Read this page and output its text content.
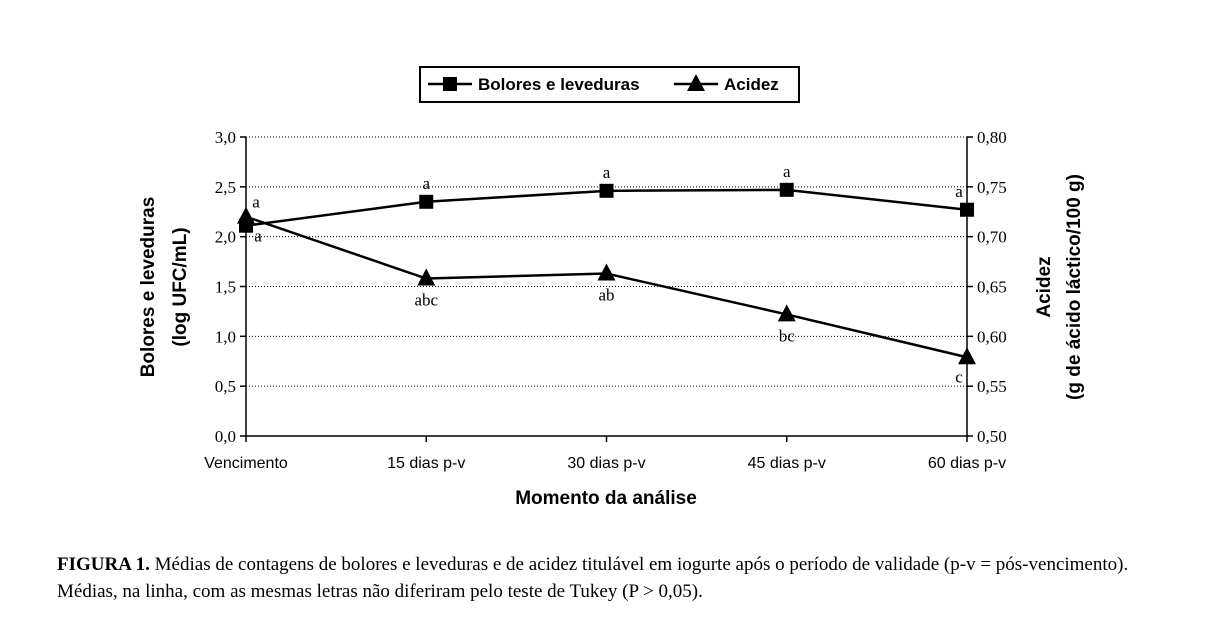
Bolores e leveduras	Acidez
0,0
0,5
1,0
1,5
2,0
2,5
3,0
0,50
0,55
0,60
0,65
0,70
0,75
0,80
Vencimento	15 dias p-v	30 dias p-v	45 dias p-v	60 dias p-v
a
a
a	a
a
a
abc	ab
bc
c
Momento da análise
Bolores e leveduras (log UFC/mL)	Acidez (g de ácido láctico/100 g)
FIGURA 1. Médias de contagens de bolores e leveduras e de acidez titulável em iogurte após o período de validade (p-v = pós-vencimento). Médias, na linha, com as mesmas letras não diferiram pelo teste de Tukey (P > 0,05).
